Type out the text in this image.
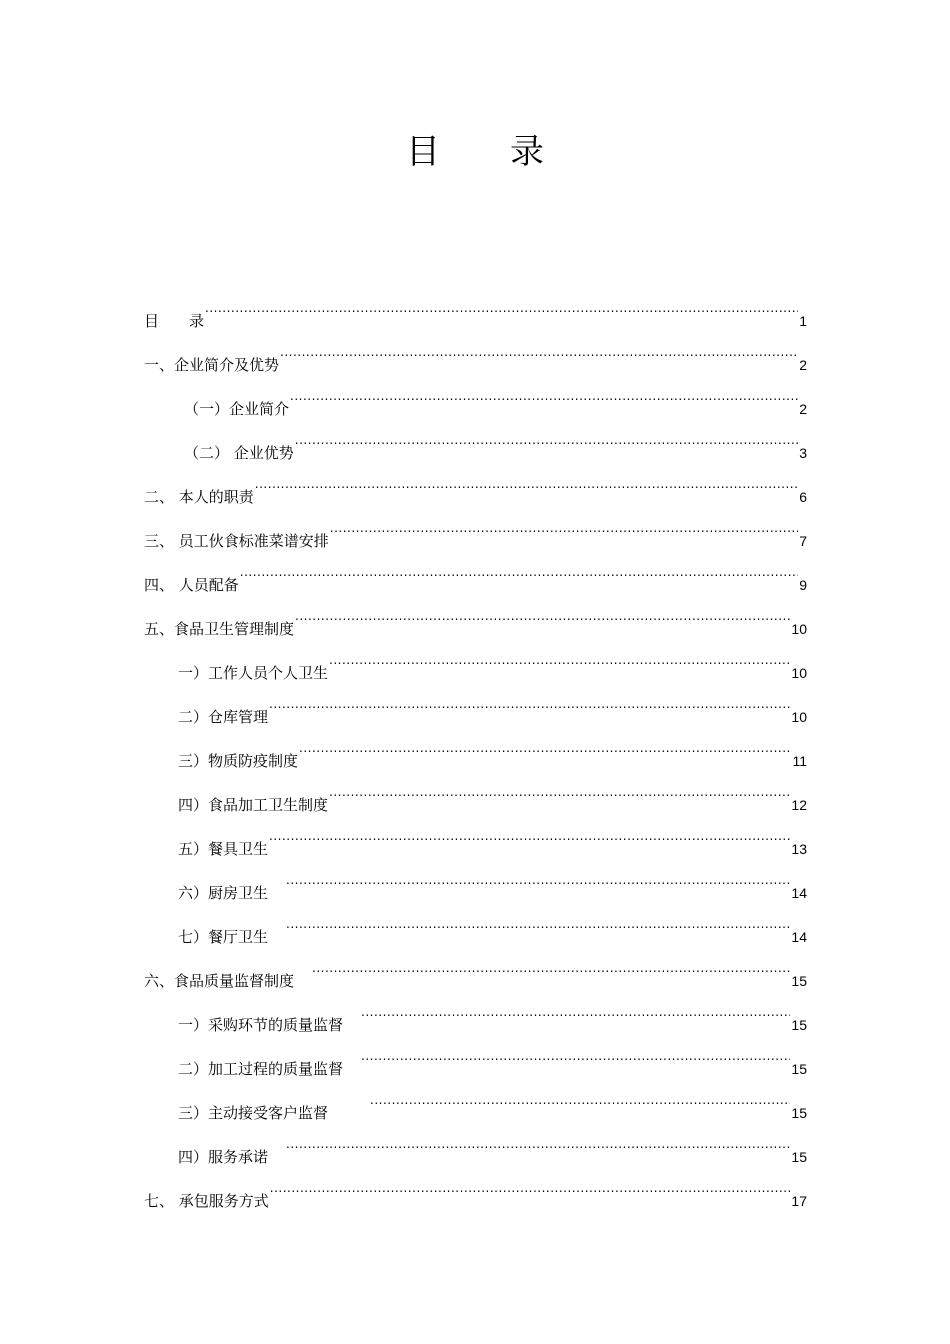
目 录
目　　录 .....	1
一、企业简介及优势 .....	2
（一）企业简介 .....	2
（二） 企业优势 .....	3
二、 本人的职责 .....	6
三、 员工伙食标准菜谱安排 .....	7
四、 人员配备 .....	9
五、食品卫生管理制度 .....	10
一）工作人员个人卫生 .....	10
二）仓库管理 .....	10
三）物质防疫制度 .....	11
四）食品加工卫生制度 .....	12
五）餐具卫生 .....	13
六）厨房卫生 .....	14
七）餐厅卫生 .....	14
六、食品质量监督制度 .....	15
一）采购环节的质量监督 .....	15
二）加工过程的质量监督 .....	15
三）主动接受客户监督 .....	15
四）服务承诺 .....	15
七、 承包服务方式 .....	17
